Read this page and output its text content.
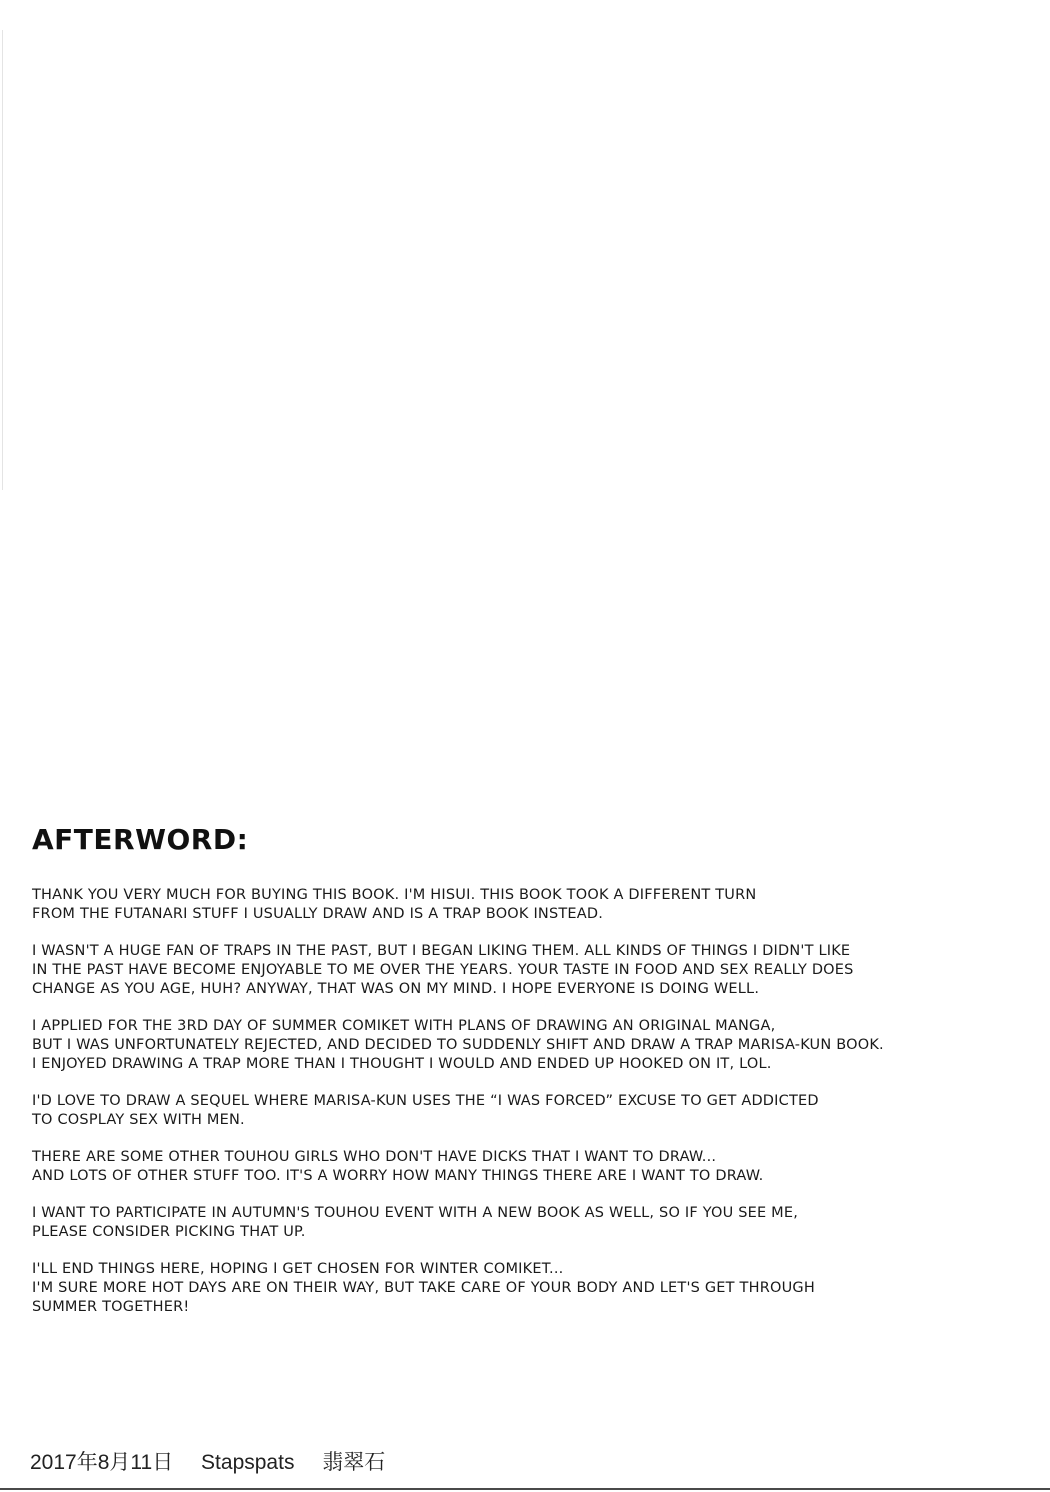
AFTERWORD:
THANK YOU VERY MUCH FOR BUYING THIS BOOK. I'M HISUI. THIS BOOK TOOK A DIFFERENT TURN
FROM THE FUTANARI STUFF I USUALLY DRAW AND IS A TRAP BOOK INSTEAD.
I WASN'T A HUGE FAN OF TRAPS IN THE PAST, BUT I BEGAN LIKING THEM. ALL KINDS OF THINGS I DIDN'T LIKE
IN THE PAST HAVE BECOME ENJOYABLE TO ME OVER THE YEARS. YOUR TASTE IN FOOD AND SEX REALLY DOES
CHANGE AS YOU AGE, HUH? ANYWAY, THAT WAS ON MY MIND. I HOPE EVERYONE IS DOING WELL.
I APPLIED FOR THE 3RD DAY OF SUMMER COMIKET WITH PLANS OF DRAWING AN ORIGINAL MANGA,
BUT I WAS UNFORTUNATELY REJECTED, AND DECIDED TO SUDDENLY SHIFT AND DRAW A TRAP MARISA-KUN BOOK.
I ENJOYED DRAWING A TRAP MORE THAN I THOUGHT I WOULD AND ENDED UP HOOKED ON IT, LOL.
I'D LOVE TO DRAW A SEQUEL WHERE MARISA-KUN USES THE “I WAS FORCED” EXCUSE TO GET ADDICTED
TO COSPLAY SEX WITH MEN.
THERE ARE SOME OTHER TOUHOU GIRLS WHO DON'T HAVE DICKS THAT I WANT TO DRAW...
AND LOTS OF OTHER STUFF TOO. IT'S A WORRY HOW MANY THINGS THERE ARE I WANT TO DRAW.
I WANT TO PARTICIPATE IN AUTUMN'S TOUHOU EVENT WITH A NEW BOOK AS WELL, SO IF YOU SEE ME,
PLEASE CONSIDER PICKING THAT UP.
I'LL END THINGS HERE, HOPING I GET CHOSEN FOR WINTER COMIKET...
I'M SURE MORE HOT DAYS ARE ON THEIR WAY, BUT TAKE CARE OF YOUR BODY AND LET'S GET THROUGH
SUMMER TOGETHER!
2017年8月11日 Stapspats 翡翠石
